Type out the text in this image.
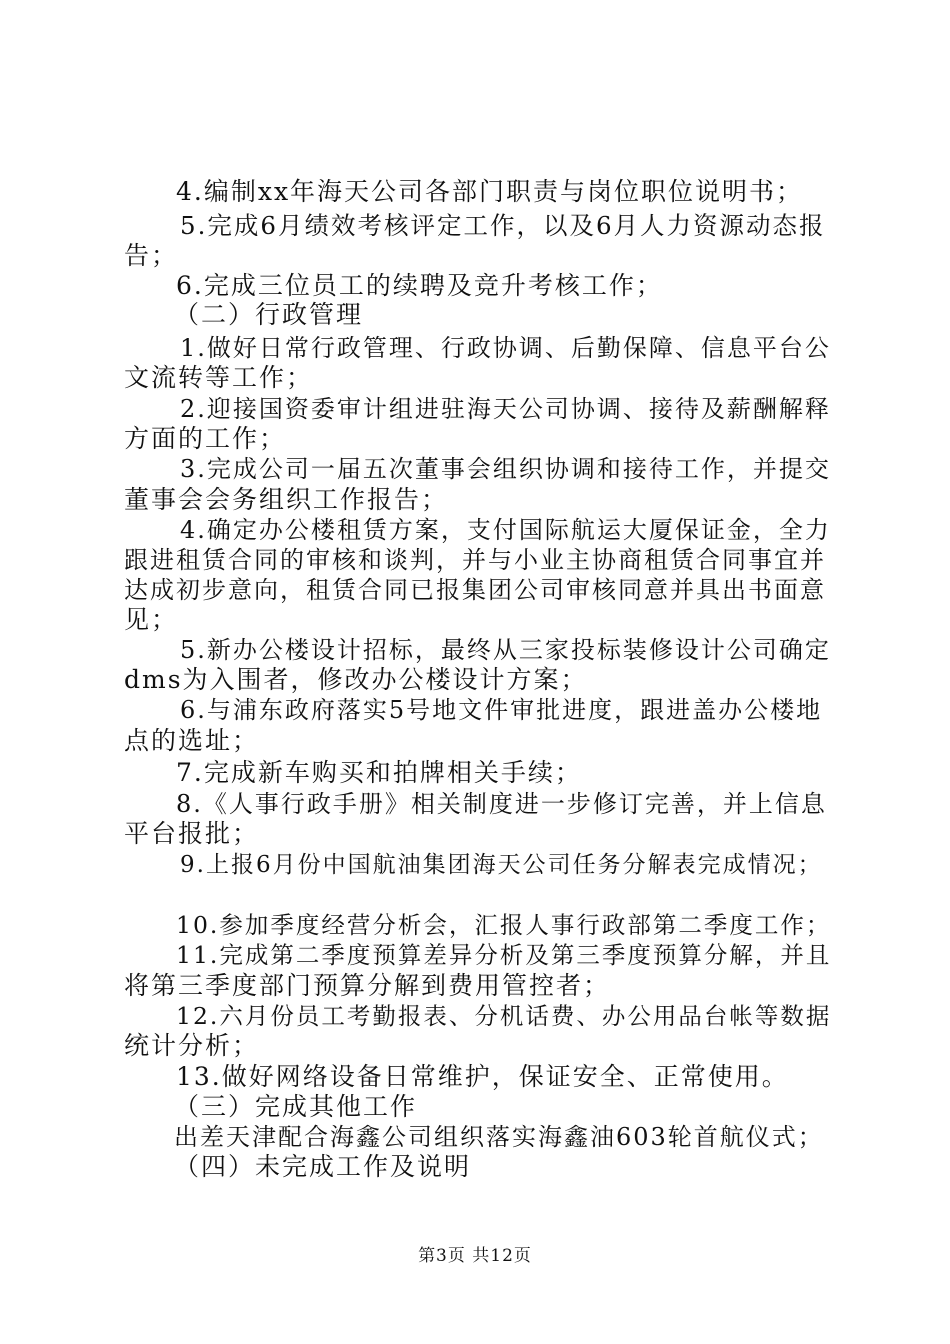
4.编制xx年海天公司各部门职责与岗位职位说明书；
5.完成6月绩效考核评定工作，以及6月人力资源动态报
告；
6.完成三位员工的续聘及竞升考核工作；
（二）行政管理
1.做好日常行政管理、行政协调、后勤保障、信息平台公
文流转等工作；
2.迎接国资委审计组进驻海天公司协调、接待及薪酬解释
方面的工作；
3.完成公司一届五次董事会组织协调和接待工作，并提交
董事会会务组织工作报告；
4.确定办公楼租赁方案，支付国际航运大厦保证金，全力
跟进租赁合同的审核和谈判，并与小业主协商租赁合同事宜并
达成初步意向，租赁合同已报集团公司审核同意并具出书面意
见；
5.新办公楼设计招标，最终从三家投标装修设计公司确定
dms为入围者，修改办公楼设计方案；
6.与浦东政府落实5号地文件审批进度，跟进盖办公楼地
点的选址；
7.完成新车购买和拍牌相关手续；
8.《人事行政手册》相关制度进一步修订完善，并上信息
平台报批；
9.上报6月份中国航油集团海天公司任务分解表完成情况；
10.参加季度经营分析会，汇报人事行政部第二季度工作；
11.完成第二季度预算差异分析及第三季度预算分解，并且
将第三季度部门预算分解到费用管控者；
12.六月份员工考勤报表、分机话费、办公用品台帐等数据
统计分析；
13.做好网络设备日常维护，保证安全、正常使用。
（三）完成其他工作
出差天津配合海鑫公司组织落实海鑫油603轮首航仪式；
（四）未完成工作及说明
第3页 共12页
